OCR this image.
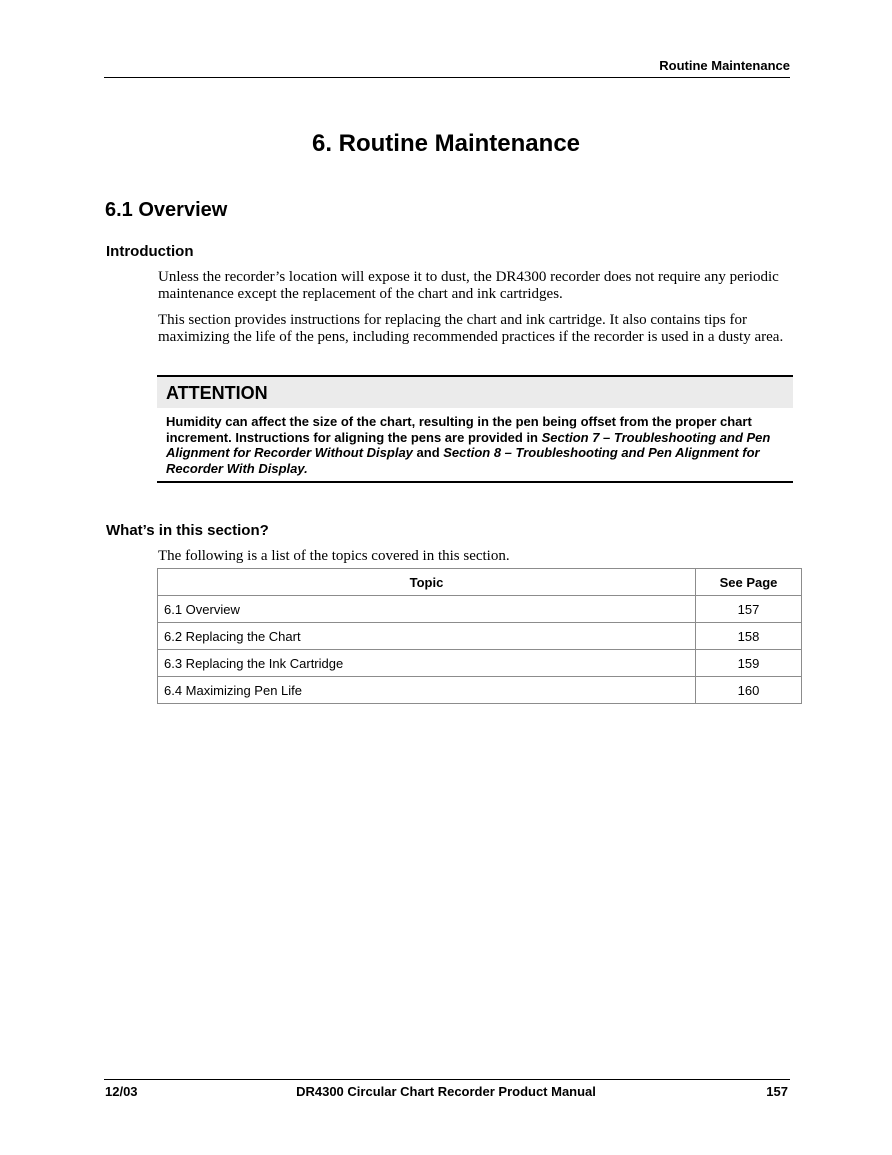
Routine Maintenance
6. Routine Maintenance
6.1 Overview
Introduction
Unless the recorder’s location will expose it to dust, the DR4300 recorder does not require any periodic maintenance except the replacement of the chart and ink cartridges.
This section provides instructions for replacing the chart and ink cartridge. It also contains tips for maximizing the life of the pens, including recommended practices if the recorder is used in a dusty area.
ATTENTION
Humidity can affect the size of the chart, resulting in the pen being offset from the proper chart increment. Instructions for aligning the pens are provided in Section 7 – Troubleshooting and Pen Alignment for Recorder Without Display and Section 8 – Troubleshooting and Pen Alignment for Recorder With Display.
What’s in this section?
The following is a list of the topics covered in this section.
Topic	See Page
6.1 Overview	157
6.2 Replacing the Chart	158
6.3 Replacing the Ink Cartridge	159
6.4 Maximizing Pen Life	160
12/03	DR4300 Circular Chart Recorder Product Manual	157
